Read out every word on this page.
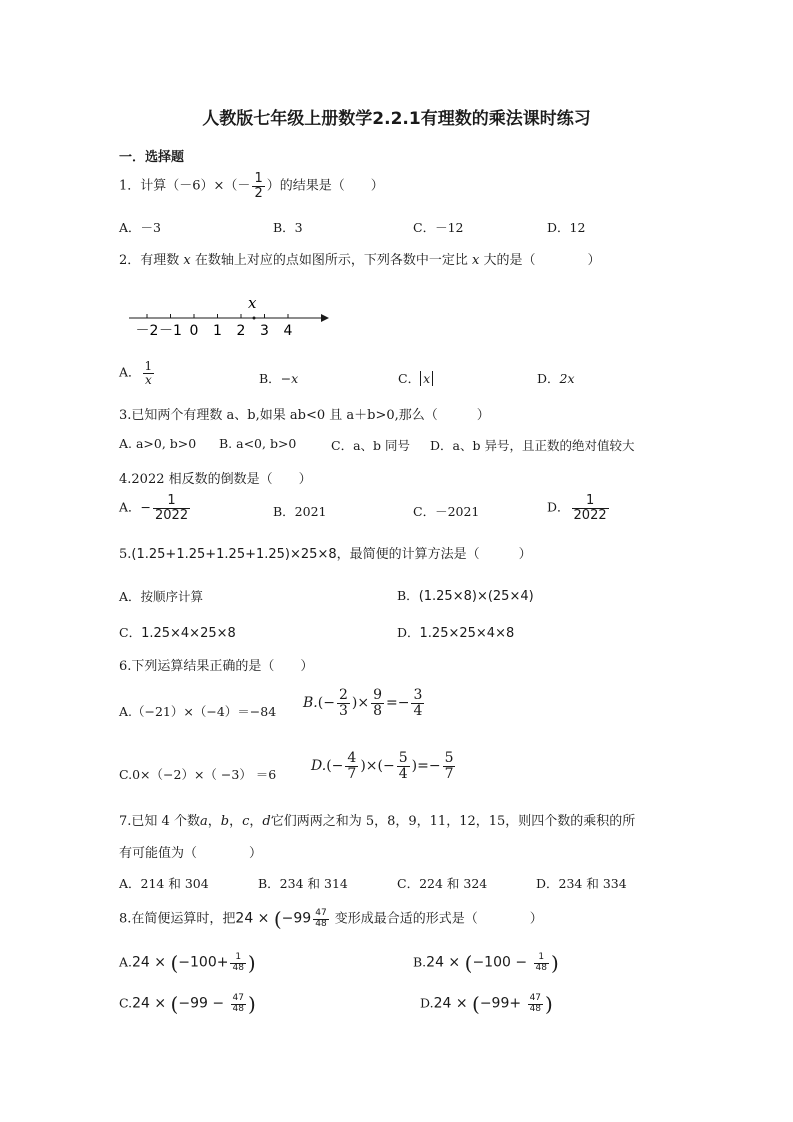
人教版七年级上册数学2.2.1有理数的乘法课时练习
一．选择题
1．计算$(-6)\times(- \frac{1}{2}$ ）的结果是（　　）
A．－3	B．3	C．－12	D．12
2．有理数 x 在数轴上对应的点如图所示，下列各数中一定比 x 大的是（　　　　）
x
－2 －1 0 1 2 3 4
A． $\frac{1}{x}$	B．−x	C． x	D．2x
3.已知两个有理数 a、b,如果 ab<0 且 a＋b>0,那么（　　　）
A. a>0, b>0 B. a<0, b>0	C．a、b 同号 D．a、b 异号，且正数的绝对值较大
4.2022 相反数的倒数是（　　）
A．− $\frac{1}{2022}$	B．2021	C．－2021	D． $\frac{1}{2022}$
5.(1.25+1.25+1.25+1.25)×25×8，最简便的计算方法是（　　　）
A．按顺序计算	B．(1.25×8)×(25×4)
C．1.25×4×25×8	D．1.25×25×4×8
6.下列运算结果正确的是（　　）
A.（−21）×（−4）＝−84
$B.(- \frac{2}{3}$ )× $\frac{9}{8} =- \frac{3}{4}$
C.0×（−2）×（ −3） ＝6
$D.(- \frac{4}{7}$ )×(− $\frac{5}{4}$ )=− $\frac{5}{7}$
7.已知 4 个数a，b，c，d它们两两之和为 5，8，9，11，12，15，则四个数的乘积的所
有可能值为（　　　　）
A．214 和 304	B．234 和 314	C．224 和 324	D．234 和 334
8.在简便运算时，把$24 \times (-99 \frac{47}{48}$ 变形成最合适的形式是（　　　　）
$A.24 \times (-100+ \frac{1}{48}$ )	$B.24 \times (-100 - \frac{1}{48}$ )
$C.24 \times (-99 - \frac{47}{48}$ )	$D.24 \times (-99+ \frac{47}{48}$ )
